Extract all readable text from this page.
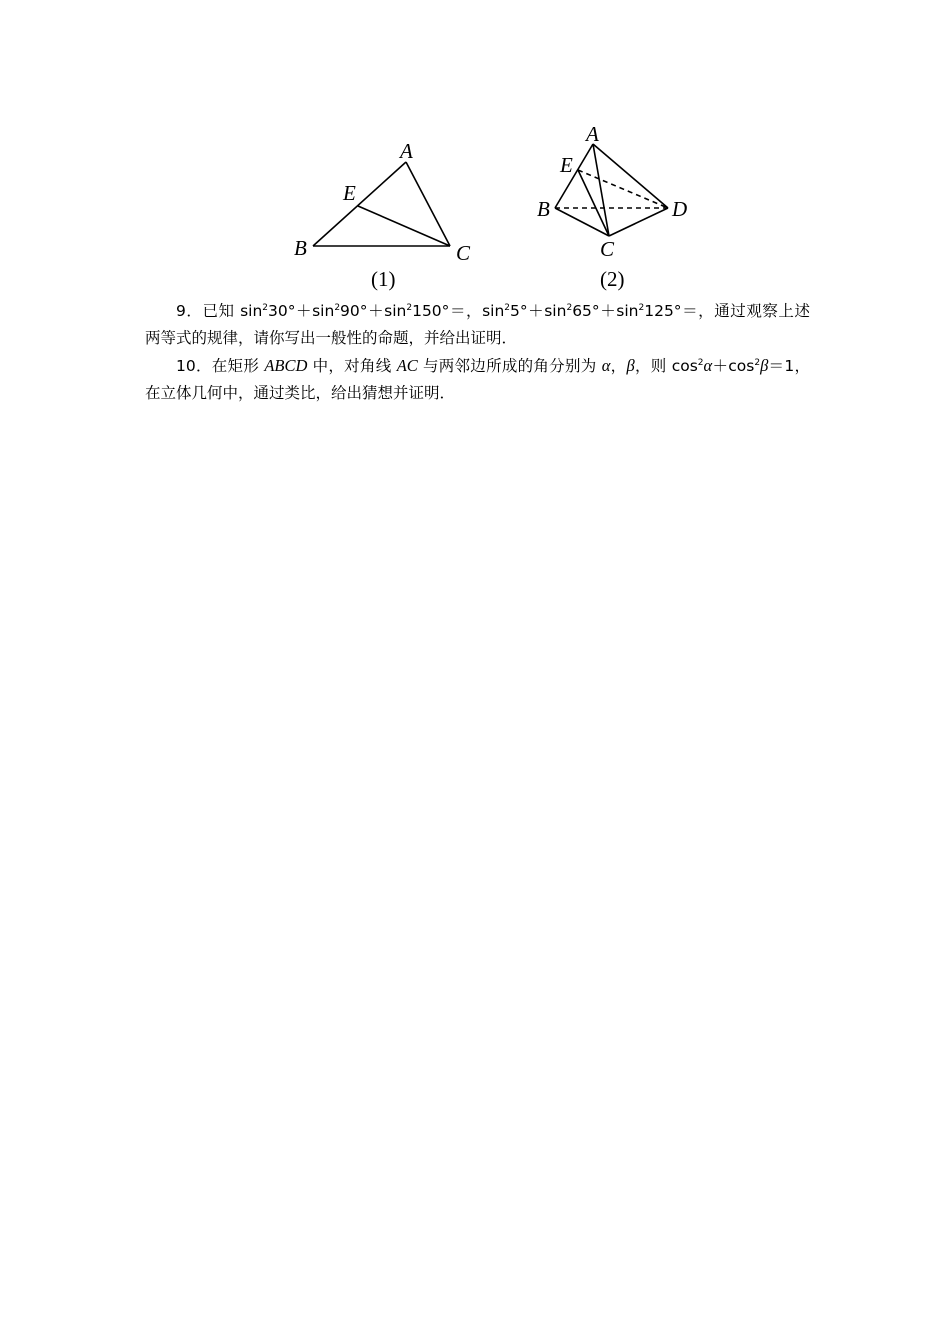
A
E
B	C
(1)
A
E
B	D
C
(2)

9．已知 $\sin^230^\circ+\sin^290^\circ+\sin^2150^\circ=$，$\sin^25^\circ+\sin^265^\circ+\sin^2125^\circ=$，通过观察上述两等式的规律，请你写出一般性的命题，并给出证明．

10．在矩形 ABCD 中，对角线 AC 与两邻边所成的角分别为 α，β，则 $\cos^2\alpha+\cos^2\beta=1$，在立体几何中，通过类比，给出猜想并证明．
